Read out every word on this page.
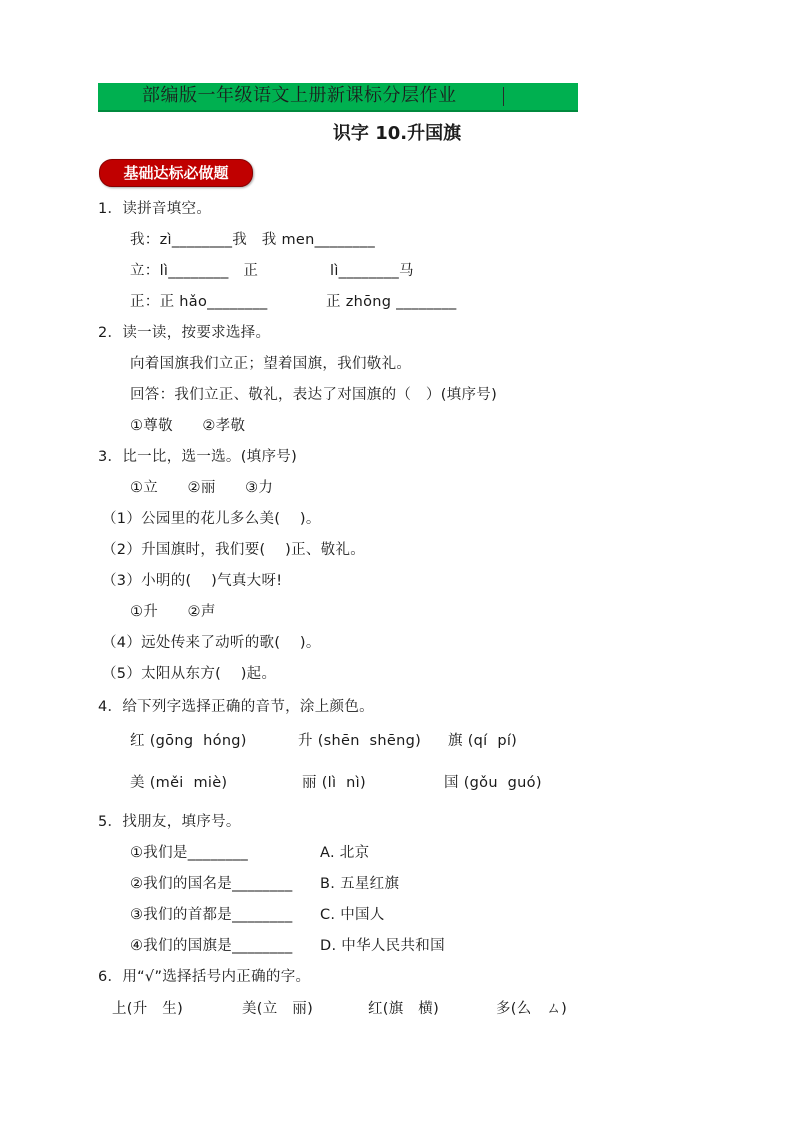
部编版一年级语文上册新课标分层作业
识字 10.升国旗
基础达标必做题
1．读拼音填空。
我：zì________我   我 men________
立：lì________   正	lì________马
正：正 hǎo________	正 zhōng ________
2．读一读，按要求选择。
向着国旗我们立正；望着国旗，我们敬礼。
回答：我们立正、敬礼，表达了对国旗的（   ）(填序号)
①尊敬      ②孝敬
3．比一比，选一选。(填序号)
①立      ②丽      ③力
（1）公园里的花儿多么美(    )。
（2）升国旗时，我们要(    )正、敬礼。
（3）小明的(    )气真大呀!
①升      ②声
（4）远处传来了动听的歌(    )。
（5）太阳从东方(    )起。
4．给下列字选择正确的音节，涂上颜色。
红 (gōng  hóng)	升 (shēn  shēng) 旗 (qí  pí)
美 (měi  miè)	丽 (lì  nì)	国 (gǒu  guó)
5．找朋友，填序号。
①我们是________	A. 北京
②我们的国名是________ B. 五星红旗
③我们的首都是________ C. 中国人
④我们的国旗是________ D. 中华人民共和国
6．用“√”选择括号内正确的字。
上(升   生)	美(立   丽)	红(旗   横)	多(么   ㄙ)
